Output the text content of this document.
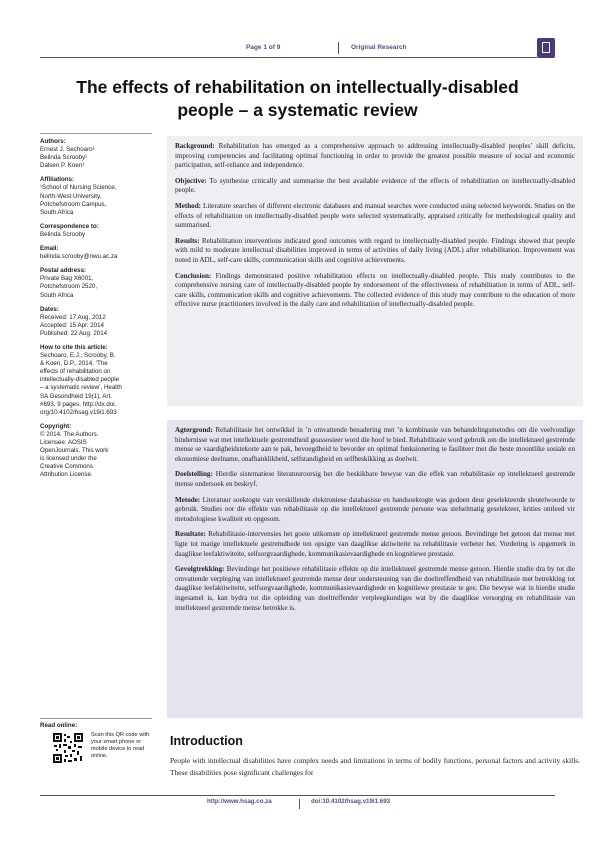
Page 1 of 9	Original Research
The effects of rehabilitation on intellectually-disabled
people – a systematic review
Authors:
Ernest J. Sechoaro¹
Belinda Scrooby¹
Dalsen P. Koen¹
Affiliations:
¹School of Nursing Science,
North-West University,
Potchefstroom Campus,
South Africa
Correspondence to:
Belinda Scrooby
Email:
belinda.scrooby@nwu.ac.za
Postal address:
Private Bag X6001,
Potchefstroom 2520,
South Africa
Dates:
Received: 17 Aug. 2012
Accepted: 15 Apr. 2014
Published: 22 Aug. 2014
How to cite this article:
Sechoaro, E.J., Scrooby, B.
& Koen, D.P., 2014, ‘The
effects of rehabilitation on
intellectually-disabled people
– a systematic review’, Health
SA Gesondheid 19(1), Art.
#693, 9 pages. http://dx.doi.
org/10.4102/hsag.v19i1.693
Copyright:
© 2014. The Authors.
Licensee: AOSIS
OpenJournals. This work
is licensed under the
Creative Commons
Attribution License.
Read online:
Scan this QR code with your smart phone or mobile device to read online.

Background: Rehabilitation has emerged as a comprehensive approach to addressing intellectually-disabled peoples’ skill deficits, improving competencies and facilitating optimal functioning in order to provide the greatest possible measure of social and economic participation, self-reliance and independence.

Objective: To synthesise critically and summarise the best available evidence of the effects of rehabilitation on intellectually-disabled people.

Method: Literature searches of different electronic databases and manual searches were conducted using selected keywords. Studies on the effects of rehabilitation on intellectually-disabled people were selected systematically, appraised critically for methodological quality and summarised.

Results: Rehabilitation interventions indicated good outcomes with regard to intellectually-disabled people. Findings showed that people with mild to moderate intellectual disabilities improved in terms of activities of daily living (ADL) after rehabilitation. Improvement was noted in ADL, self-care skills, communication skills and cognitive achievements.

Conclusion: Findings demonstrated positive rehabilitation effects on intellectually-disabled people. This study contributes to the comprehensive nursing care of intellectually-disabled people by endorsement of the effectiveness of rehabilitation in terms of ADL, self-care skills, communication skills and cognitive achievements. The collected evidence of this study may contribute to the education of more effective nurse practitioners involved in the daily care and rehabilitation of intellectually-disabled people.

Agtergrond: Rehabilitasie het ontwikkel in ’n omvattende benadering met ’n kombinasie van behandelingsmetodes om die veelvoudige hindernisse wat met intellektuele gestremdheid geassosieer word die hoof te bied. Rehabilitasie word gebruik om die intellektueel gestremde mense se vaardigheidstekorte aan te pak, bevoegdheid te bevorder en optimal funksionering te fasiliteer met die beste moontlike sosiale en ekonomiese deelname, onafhanklikheid, selfstandigheid en selfbeskikking as doelwit.

Doelstelling: Hierdie sistematiese literatuuroorsig het die beskikbare bewyse van die effek van rehabilitasie op intellektueel gestremde mense ondersoek en beskryf.

Metode: Literatuur soektogte van verskillende elektroniese databasisse en handsoektogte was gedoen deur geselekteerde sleutelwoorde te gebruik. Studies oor die effekte van rehabilitasie op die intellektueel gestremde persone was stelselmatig geselekteer, krities ontleed vir metodologiese kwaliteit en opgesom.

Resultate: Rehabilitasie-intervensies het goeie uitkomste op intellektueel gestremde mense getoon. Bevindinge het getoon dat mense met ligte tot matige intellektuele gestremdhede ten opsigte van daaglikse aktiwiteite na rehabilitasie verbeter het. Vordering is opgemerk in daaglikse leefaktiwiteite, selfsorgvaardighede, kommunikasievaardighede en kognitiewe prestasie.

Gevolgtrekking: Bevindinge het positiewe rehabilitasie effekte op die intellektueel gestremde mense getoon. Hierdie studie dra by tot die omvattende verpleging van intellektueel gestremde mense deur ondersteuning van die doeltreffendheid van rehabilitasie met betrekking tot daaglikse leefaktiwiteite, selfsorgvaardighede, kommunikasievaardighede en kognitiewe prestasie te gee. Die bewyse wat in hierdie studie ingesamel is, kan bydra tot die opleiding van doeltreffender verpleegkundiges wat by die daaglikse versorging en rehabilitasie van intellektueel gestremde mense betrokke is.

Introduction
People with intellectual disabilities have complex needs and limitations in terms of bodily functions, personal factors and activity skills. These disabilities pose significant challenges for
http://www.hsag.co.za	doi:10.4102/hsag.v19i1.693
